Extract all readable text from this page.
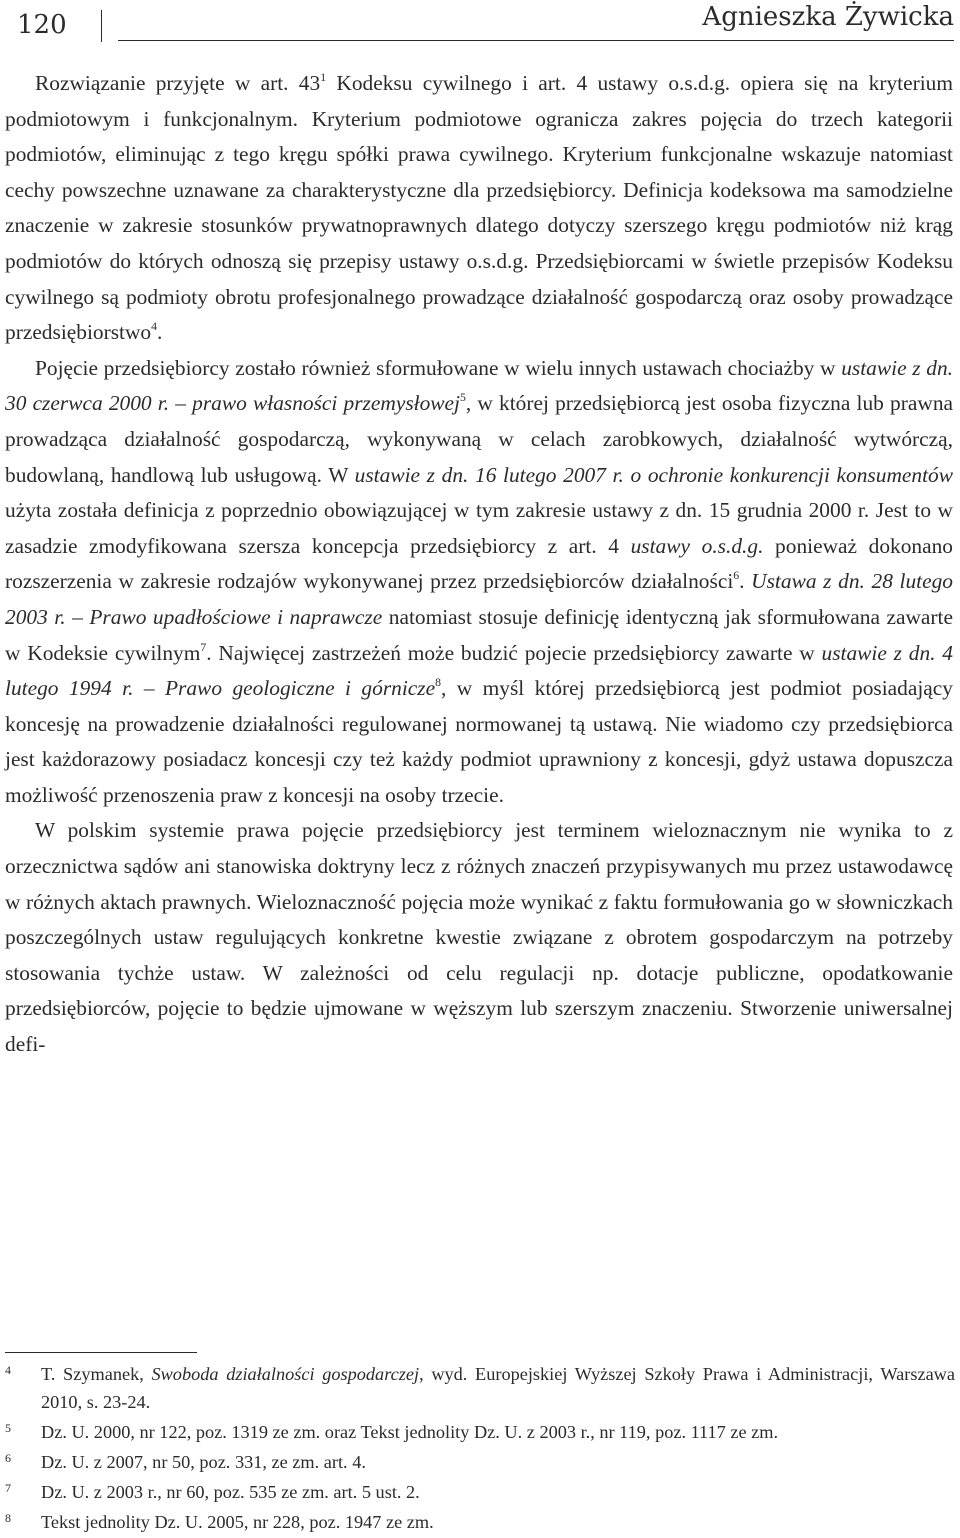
120	Agnieszka Żywicka

Rozwiązanie przyjęte w art. $43^1$ Kodeksu cywilnego i art. 4 ustawy o.s.d.g. opiera się na kryterium podmiotowym i funkcjonalnym. Kryterium podmiotowe ogranicza zakres pojęcia do trzech kategorii podmiotów, eliminując z tego kręgu spółki prawa cywilnego. Kryterium funkcjonalne wskazuje natomiast cechy powszechne uznawane za charakterystyczne dla przedsiębiorcy. Definicja kodeksowa ma samodzielne znaczenie w zakresie stosunków prywatnoprawnych dlatego dotyczy szerszego kręgu podmiotów niż krąg podmiotów do których odnoszą się przepisy ustawy o.s.d.g. Przedsiębiorcami w świetle przepisów Kodeksu cywilnego są podmioty obrotu profesjonalnego prowadzące działalność gospodarczą oraz osoby prowadzące przedsiębiorstwo$^4$.

Pojęcie przedsiębiorcy zostało również sformułowane w wielu innych ustawach chociażby w ustawie z dn. 30 czerwca 2000 r. – prawo własności przemysłowej$^5$, w której przedsiębiorcą jest osoba fizyczna lub prawna prowadząca działalność gospodarczą, wykonywaną w celach zarobkowych, działalność wytwórczą, budowlaną, handlową lub usługową. W ustawie z dn. 16 lutego 2007 r. o ochronie konkurencji konsumentów użyta została definicja z poprzednio obowiązującej w tym zakresie ustawy z dn. 15 grudnia 2000 r. Jest to w zasadzie zmodyfikowana szersza koncepcja przedsiębiorcy z art. 4 ustawy o.s.d.g. ponieważ dokonano rozszerzenia w zakresie rodzajów wykonywanej przez przedsiębiorców działalności$^6$. Ustawa z dn. 28 lutego 2003 r. – Prawo upadłościowe i naprawcze natomiast stosuje definicję identyczną jak sformułowana zawarte w Kodeksie cywilnym$^7$. Najwięcej zastrzeżeń może budzić pojecie przedsiębiorcy zawarte w ustawie z dn. 4 lutego 1994 r. – Prawo geologiczne i górnicze$^8$, w myśl której przedsiębiorcą jest podmiot posiadający koncesję na prowadzenie działalności regulowanej normowanej tą ustawą. Nie wiadomo czy przedsiębiorca jest każdorazowy posiadacz koncesji czy też każdy podmiot uprawniony z koncesji, gdyż ustawa dopuszcza możliwość przenoszenia praw z koncesji na osoby trzecie.

W polskim systemie prawa pojęcie przedsiębiorcy jest terminem wieloznacznym nie wynika to z orzecznictwa sądów ani stanowiska doktryny lecz z różnych znaczeń przypisywanych mu przez ustawodawcę w różnych aktach prawnych. Wieloznaczność pojęcia może wynikać z faktu formułowania go w słowniczkach poszczególnych ustaw regulujących konkretne kwestie związane z obrotem gospodarczym na potrzeby stosowania tychże ustaw. W zależności od celu regulacji np. dotacje publiczne, opodatkowanie przedsiębiorców, pojęcie to będzie ujmowane w węższym lub szerszym znaczeniu. Stworzenie uniwersalnej defi-

4	T. Szymanek, Swoboda działalności gospodarczej, wyd. Europejskiej Wyższej Szkoły Prawa i Administracji, Warszawa 2010, s. 23-24.
5	Dz. U. 2000, nr 122, poz. 1319 ze zm. oraz Tekst jednolity Dz. U. z 2003 r., nr 119, poz. 1117 ze zm.
6	Dz. U. z 2007, nr 50, poz. 331, ze zm. art. 4.
7	Dz. U. z 2003 r., nr 60, poz. 535 ze zm. art. 5 ust. 2.
8	Tekst jednolity Dz. U. 2005, nr 228, poz. 1947 ze zm.
